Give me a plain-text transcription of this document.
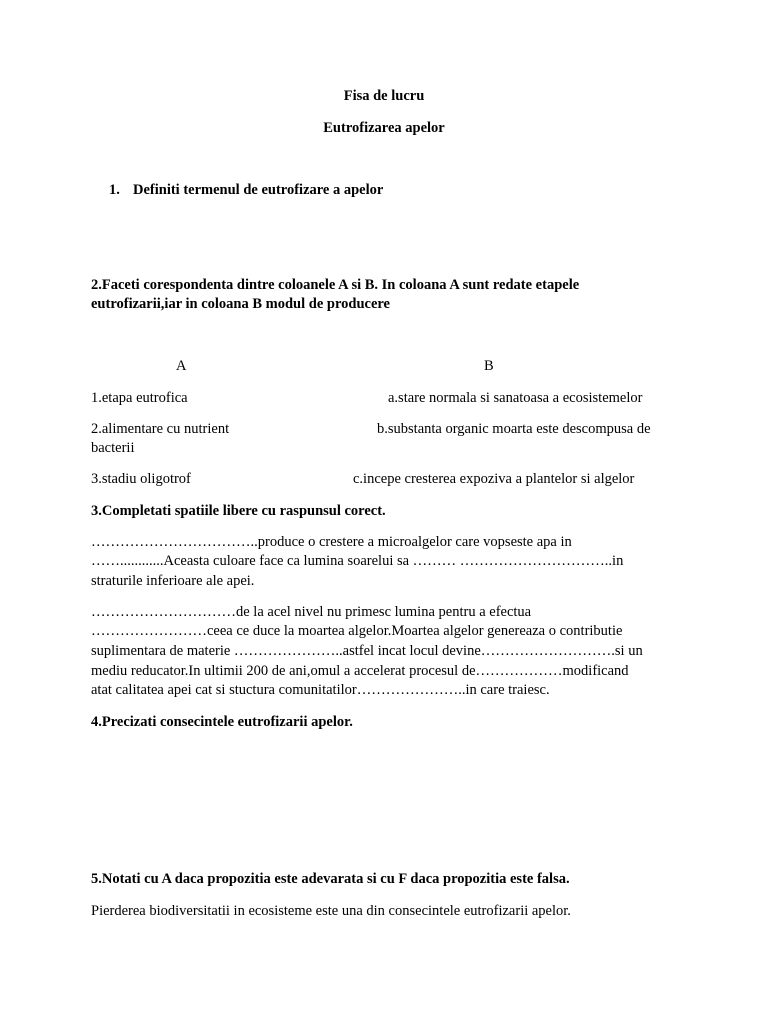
Fisa de lucru
Eutrofizarea apelor
1. Definiti termenul de eutrofizare a apelor
2.Faceti corespondenta dintre coloanele A si B. In coloana A sunt redate etapele
eutrofizarii,iar in coloana B modul de producere
A	B
1.etapa eutrofica	a.stare normala si sanatoasa a ecosistemelor
2.alimentare cu nutrient	b.substanta organic moarta este descompusa de
bacterii
3.stadiu oligotrof	c.incepe cresterea expoziva a plantelor si algelor
3.Completati spatiile libere cu raspunsul corect.
……………………………..produce o crestere a microalgelor care vopseste apa in
……............Aceasta culoare face ca lumina soarelui sa ……… …………………………..in
straturile inferioare ale apei.
…………………………de la acel nivel nu primesc lumina pentru a efectua
……………………ceea ce duce la moartea algelor.Moartea algelor genereaza o contributie
suplimentara de materie …………………..astfel incat locul devine……………………….si un
mediu reducator.In ultimii 200 de ani,omul a accelerat procesul de………………modificand
atat calitatea apei cat si stuctura comunitatilor…………………..in care traiesc.
4.Precizati consecintele eutrofizarii apelor.
5.Notati cu A daca propozitia este adevarata si cu F daca propozitia este falsa.
Pierderea biodiversitatii in ecosisteme este una din consecintele eutrofizarii apelor.
